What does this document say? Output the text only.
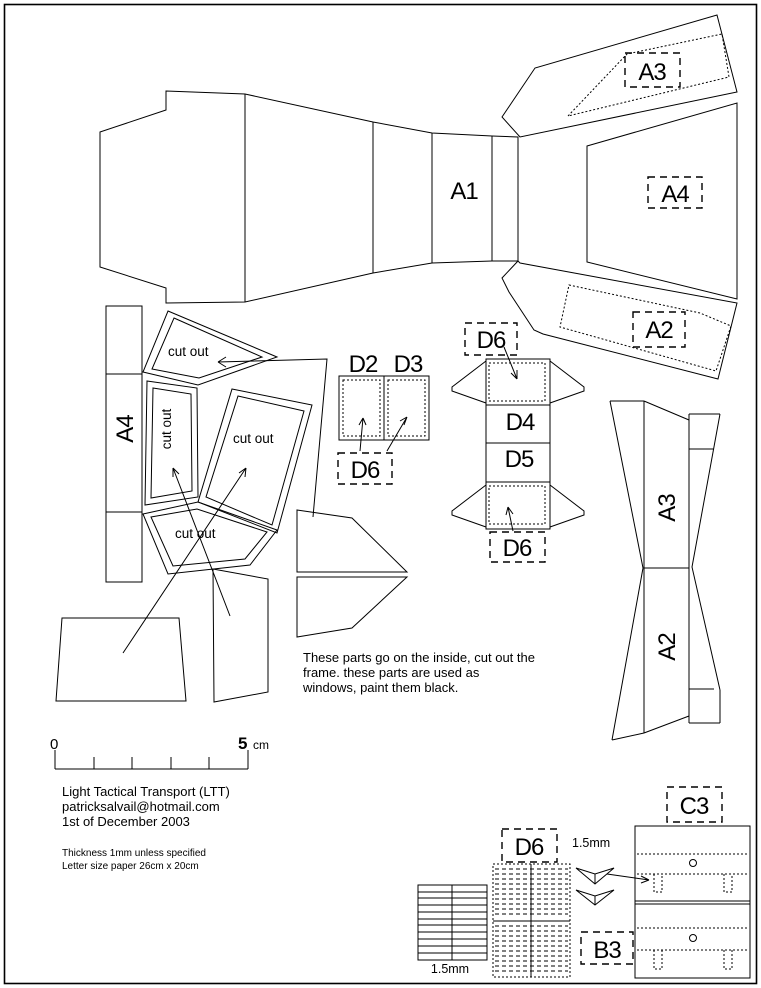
A1
A3
A4
A2
A4
cut out
cut out	cut out
cut out
D2 D3
D6
D4
D5
D6
D6
A3
A2
These parts go on the inside, cut out the
frame. these parts are used as
windows, paint them black.
0	5 cm
Light Tactical Transport (LTT)
patricksalvail@hotmail.com
1st of December 2003
Thickness 1mm unless specified
Letter size paper 26cm x 20cm
1.5mm
D6 1.5mm
B3
C3
